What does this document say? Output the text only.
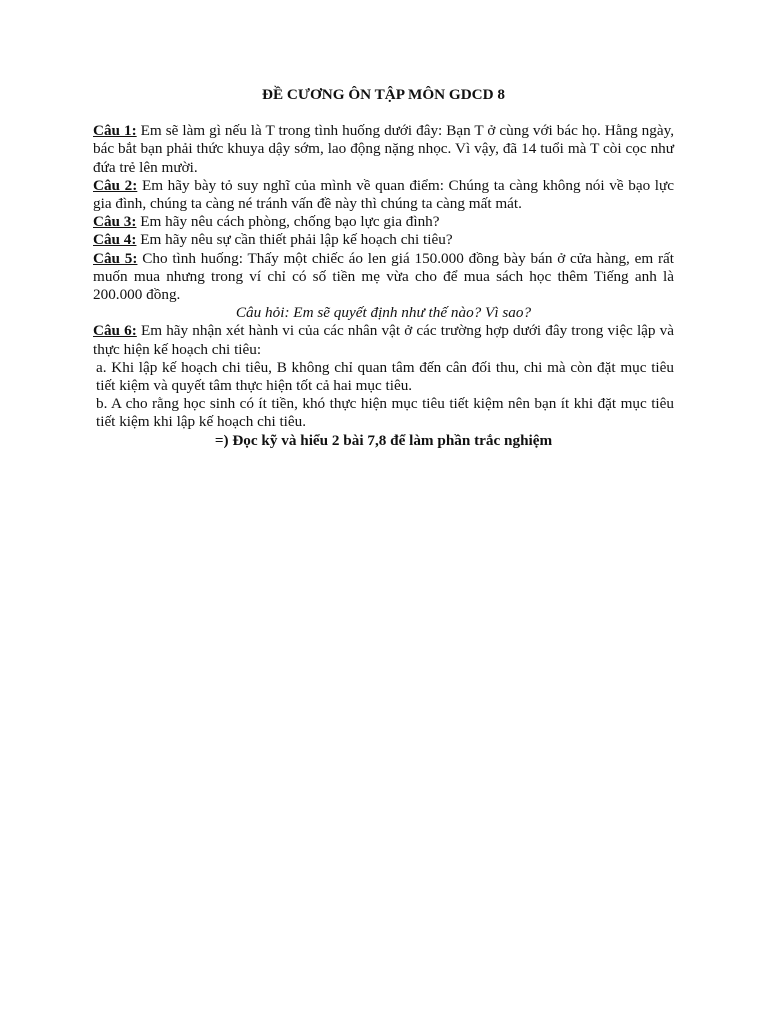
ĐỀ CƯƠNG ÔN TẬP MÔN GDCD 8

Câu 1: Em sẽ làm gì nếu là T trong tình huống dưới đây: Bạn T ở cùng với bác họ. Hằng ngày, bác bắt bạn phải thức khuya dậy sớm, lao động nặng nhọc. Vì vậy, đã 14 tuổi mà T còi cọc như đứa trẻ lên mười.

Câu 2: Em hãy bày tỏ suy nghĩ của mình về quan điểm: Chúng ta càng không nói về bạo lực gia đình, chúng ta càng né tránh vấn đề này thì chúng ta càng mất mát.

Câu 3: Em hãy nêu cách phòng, chống bạo lực gia đình?

Câu 4: Em hãy nêu sự cần thiết phải lập kế hoạch chi tiêu?

Câu 5: Cho tình huống: Thấy một chiếc áo len giá 150.000 đồng bày bán ở cửa hàng, em rất muốn mua nhưng trong ví chỉ có số tiền mẹ vừa cho để mua sách học thêm Tiếng anh là 200.000 đồng.

Câu hỏi: Em sẽ quyết định như thế nào? Vì sao?

Câu 6: Em hãy nhận xét hành vi của các nhân vật ở các trường hợp dưới đây trong việc lập và thực hiện kế hoạch chi tiêu:

a. Khi lập kế hoạch chi tiêu, B không chỉ quan tâm đến cân đối thu, chi mà còn đặt mục tiêu tiết kiệm và quyết tâm thực hiện tốt cả hai mục tiêu.

b. A cho rằng học sinh có ít tiền, khó thực hiện mục tiêu tiết kiệm nên bạn ít khi đặt mục tiêu tiết kiệm khi lập kế hoạch chi tiêu.

=) Đọc kỹ và hiểu 2 bài 7,8 để làm phần trắc nghiệm
